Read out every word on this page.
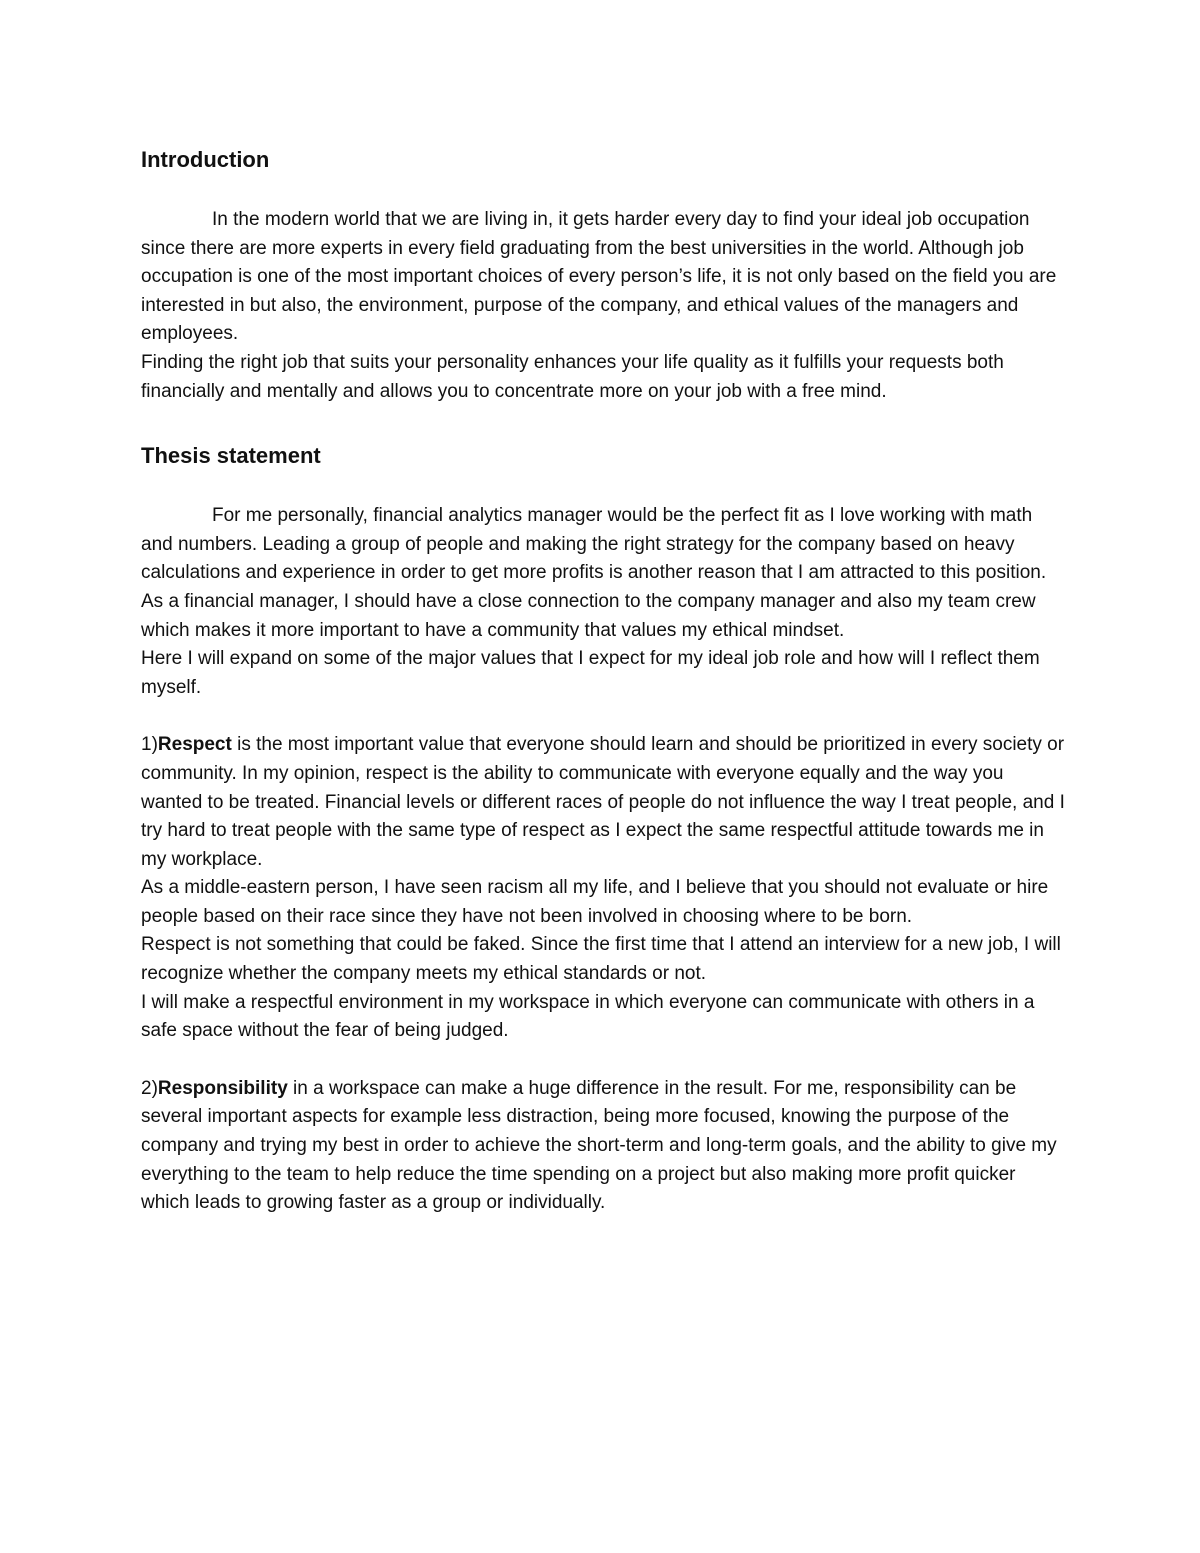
Introduction

In the modern world that we are living in, it gets harder every day to find your ideal job occupation since there are more experts in every field graduating from the best universities in the world. Although job occupation is one of the most important choices of every person’s life, it is not only based on the field you are interested in but also, the environment, purpose of the company, and ethical values of the managers and employees.

Finding the right job that suits your personality enhances your life quality as it fulfills your requests both financially and mentally and allows you to concentrate more on your job with a free mind.

Thesis statement

For me personally, financial analytics manager would be the perfect fit as I love working with math and numbers. Leading a group of people and making the right strategy for the company based on heavy calculations and experience in order to get more profits is another reason that I am attracted to this position. As a financial manager, I should have a close connection to the company manager and also my team crew which makes it more important to have a community that values my ethical mindset.

Here I will expand on some of the major values that I expect for my ideal job role and how will I reflect them myself.

1)Respect is the most important value that everyone should learn and should be prioritized in every society or community. In my opinion, respect is the ability to communicate with everyone equally and the way you wanted to be treated. Financial levels or different races of people do not influence the way I treat people, and I try hard to treat people with the same type of respect as I expect the same respectful attitude towards me in my workplace.

As a middle-eastern person, I have seen racism all my life, and I believe that you should not evaluate or hire people based on their race since they have not been involved in choosing where to be born.

Respect is not something that could be faked. Since the first time that I attend an interview for a new job, I will recognize whether the company meets my ethical standards or not.

I will make a respectful environment in my workspace in which everyone can communicate with others in a safe space without the fear of being judged.

2)Responsibility in a workspace can make a huge difference in the result. For me, responsibility can be several important aspects for example less distraction, being more focused, knowing the purpose of the company and trying my best in order to achieve the short-term and long-term goals, and the ability to give my everything to the team to help reduce the time spending on a project but also making more profit quicker which leads to growing faster as a group or individually.
